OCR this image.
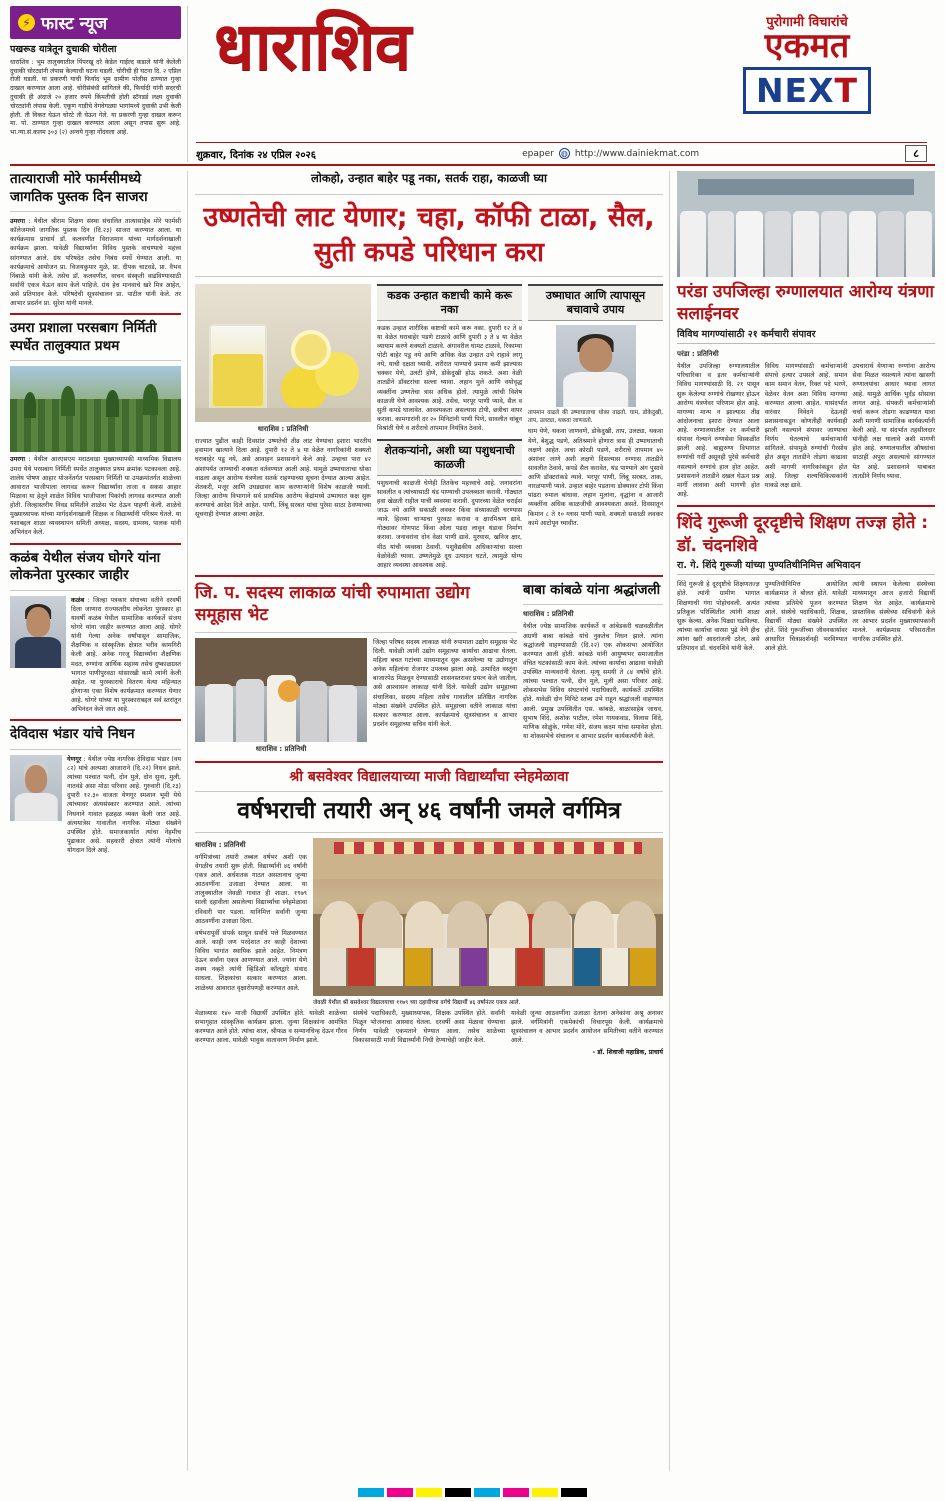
⚡ फास्ट न्यूज
पखरूड यात्रेतून दुचाकी चोरीला
धाराशिव : भूम तालुक्यातील पिंपरखू दरे केडेल गाईल्द कडाले यांनी केलेली दुचाकी चोरट्यांनी लंपास केल्याची घटना घडली. चोरीची ही घटना दि. २ एप्रिल रोजी घडली. या प्रकरणी याची फिर्याद भूम ग्रामीण पोलीस ठाण्यात गुन्हा दाखल करण्यात आला आहे. चोरीसंबंधी सांगितले की, फिर्यादी यांनी सदरची दुचाकी ही अंदाजे २० हजार रुपये किंमतीची होती स्टॅनडर्ड लक्ष्य दुचाकी चोरट्यांनी लंपास केली. एकूण गाडीचे वेगवेगळ्या भागांमध्ये दुचाकी उभी केली होती. ती विकत घेऊन चोरटे ती घेऊन गेले. या प्रकरणी गुन्हा दाखल करून मा. पो. ठाण्यात गुन्हा दाखल करण्यात आला असून तपास सुरू आहे. भा.न्या.सं.कलम ३०३ (२) अन्वये गुन्हा नोंदवला आहे.
धाराशिव	पुरोगामी विचारांचे
एकमत
NEXT
शुक्रवार, दिनांक २४ एप्रिल २०२६	epaper ◍ http://www.dainiekmat.com	८
तात्याराजी मोरे फार्मसीमध्ये जागतिक पुस्तक दिन साजरा
उमरगा : येथील श्रीराम शिक्षण संस्था संचालित तात्यासाहेब मोरे फार्मसी कॉलेजमध्ये जागतिक पुस्तक दिन (दि.२३) साजरा करण्यात आला. या कार्यक्रमास प्राचार्य डॉ. कलवणीत विराजमान यांच्या मार्गदर्शनाखाली कार्यक्रम झाला. यावेळी विद्यार्थ्यांना विविध पुस्तके वाचण्याचे महत्त्व सांगण्यात आले. ग्रंथ परिषदेत तसेच निबंध स्पर्धे घेण्यात आली. या कार्यक्रमाचे आयोजन प्रा. विजयकुमार मुळे, प्रा. दीपक चाटवडे, प्रा. वैभव निंबाळे यांनी केले. तसेच डॉ. कलवणीत, वाचन संस्कृती वाढविण्यासाठी सर्वांनी एकत्र येऊन काम केले पाहिजे. ग्रंथ हेच मानवाचे खरे मित्र आहेत, असे प्रतिपादन केले. परिषदेची सूत्रसंचालन प्रा. पाटील यांनी केले. तर आभार प्रदर्शन प्रा. सुरेश यांनी मानले.
उमरा प्रशाला परसबाग निर्मिती स्पर्धेत तालुक्यात प्रथम
उमरगा : येथील आरएसएम मराठवाडा मुख्याध्यापकी माध्यमिक विद्यालय उमरा येथे परसबाग निर्मिती स्पर्धेत तालुक्यात प्रथम क्रमांक पटकावला आहे. शालेय पोषण आहार योजनेंतर्गत परसबाग निर्मिती या उपक्रमांतर्गत शाळेच्या आवारात भाजीपाला लागवड करून विद्यार्थ्यांना ताजा व सकस आहार मिळावा या हेतूने शाळेत विविध भाजीपाला पिकांची लागवड करण्यात आली होती. जिल्हास्तरीय निवड समितीने शाळेस भेट देऊन पाहणी केली. शाळेचे मुख्याध्यापक यांच्या मार्गदर्शनाखाली शिक्षक व विद्यार्थ्यांनी परिश्रम घेतले. या यशाबद्दल शाळा व्यवस्थापन समिती अध्यक्ष, सदस्य, ग्रामस्थ, पालक यांनी अभिनंदन केले.
कळंब येथील संजय घोगरे यांना लोकनेता पुरस्कार जाहीर
कळंब : जिल्हा पत्रकार संघाच्या वतीने दरवर्षी दिला जाणारा राज्यस्तरीय लोकनेता पुरस्कार हा यावर्षी कळंब येथील सामाजिक कार्यकर्ते संजय घोगरे यांना जाहीर करण्यात आला आहे. घोगरे यांनी गेल्या अनेक वर्षांपासून सामाजिक, शैक्षणिक व सांस्कृतिक क्षेत्रात भरीव कामगिरी केली आहे. अनेक गरजू विद्यार्थ्यांना शैक्षणिक मदत, रुग्णांना आर्थिक सहाय्य तसेच दुष्काळग्रस्त भागात पाणीपुरवठा यांसारखी कामे त्यांनी केली आहेत. या पुरस्काराचे वितरण येत्या महिन्यात होणाऱ्या एका विशेष कार्यक्रमात करण्यात येणार आहे. घोगरे यांच्या या पुरस्काराबद्दल सर्व स्तरांतून अभिनंदन केले जात आहे.
देविदास भंडार यांचे निधन
येणगूर : येथील ज्येष्ठ नागरिक देविदास भंडार (वय ८२) यांचे अल्पशा आजाराने (दि.२२) निधन झाले. त्यांच्या पश्चात पत्नी, दोन मुले, दोन सुना, मुली, नातवंडे असा मोठा परिवार आहे. गुरुवारी (दि.२३) दुपारी १२.३० वाजता येणगूर स्मशान भूमी येथे त्यांच्यावर अंत्यसंस्कार करण्यात आले. त्यांच्या निधनाने गावात हळहळ व्यक्त केली जात आहे. अंत्ययात्रेस गावातील नागरिक मोठ्या संख्येने उपस्थित होते. समाजकार्यात त्यांचा नेहमीच पुढाकार असे. सहकारी क्षेत्रात त्यांनी मोलाचे योगदान दिले आहे.
लोकहो, उन्हात बाहेर पडू नका, सतर्क राहा, काळजी घ्या
उष्णतेची लाट येणार; चहा, कॉफी टाळा, सैल, सुती कपडे परिधान करा
धाराशिव : प्रतिनिधी
राज्यात पुढील काही दिवसांत उष्णतेची तीव्र लाट येण्याचा इशारा भारतीय हवामान खात्याने दिला आहे. दुपारी १२ ते ४ या वेळेत नागरिकांनी शक्यतो घराबाहेर पडू नये, असे आवाहन प्रशासनाने केले आहे. उन्हाचा पारा ४२ अंशांपर्यंत जाण्याची शक्यता वर्तवण्यात आली आहे. यामुळे उष्माघाताचा धोका वाढला असून आरोग्य यंत्रणेला सतर्क राहण्याच्या सूचना देण्यात आल्या आहेत. शेतकरी, मजूर आणि उघड्यावर काम करणाऱ्यांनी विशेष काळजी घ्यावी. जिल्हा आरोग्य विभागाने सर्व प्राथमिक आरोग्य केंद्रांमध्ये उष्माघात कक्ष सुरू करण्याचे आदेश दिले आहेत. पाणी, लिंबू सरबत यांचा पुरेसा साठा ठेवण्याच्या सूचनाही देण्यात आल्या आहेत.
कडक उन्हात कष्टाची कामे करू नका
कडक उन्हात शारीरिक कष्टाची कामे करू नका. दुपारी १२ ते ४ या वेळेत घराबाहेर पडणे टाळावे आणि दुपारी ३ ते ४ या वेळेत व्यायाम करणे शक्यतो टाळावे. अंगावरील घामट टाळावे, रिकाम्या पोटी बाहेर पडू नये आणि अधिक वेळ उन्हात उभे राहावे लागू नये, याची दक्षता घ्यावी. शरीरात पाण्याचे प्रमाण कमी झाल्यास चक्कर येणे, उलटी होणे, डोकेदुखी होऊ शकते. अशा वेळी तातडीने डॉक्टरांचा सल्ला घ्यावा. लहान मुले आणि वयोवृद्ध व्यक्तींना उष्णतेचा त्रास अधिक होतो. त्यामुळे त्यांची विशेष काळजी घेणे आवश्यक आहे. तसेच, भरपूर पाणी प्यावे, सैल व सुती कपडे घालावेत. आवश्यकता असल्यास टोपी, छत्रीचा वापर करावा. कामगारांनी दर २० मिनिटांनी पाणी पिणे, सावलीत थांबून विश्रांती घेणे व शरीराचे तापमान नियंत्रित ठेवावे.
शेतकऱ्यांनो, अशी घ्या पशुधनाची काळजी
पशुधनाची काळजी घेणेही तितकेच महत्त्वाचे आहे. जनावरांना सावलीत व त्यांच्यासाठी थंड पाण्याची उपलब्धता करावी. गोठ्यात हवा खेळती राहील याची व्यवस्था करावी. दुपारच्या वेळेत चराईस जाऊ नये आणि सकाळी लवकर किंवा संध्याकाळी चरण्यास न्यावे. हिरव्या चाऱ्याचा पुरवठा करावा व क्षारमिश्रण द्यावे. गोठ्यावर गोणपाट किंवा ओला पडदा लावून थंडावा निर्माण करावा. जनावरांना दोन वेळा पाणी द्यावे. मुरघास, खनिज क्षार, मीठ यांची व्यवस्था ठेवावी. पशुवैद्यकीय अधिकाऱ्यांचा सल्ला वेळोवेळी घ्यावा. उष्णतेमुळे दूध उत्पादन घटते, त्यामुळे योग्य आहार व्यवस्था आवश्यक आहे.
उष्माघात आणि त्यापासून बचावाचे उपाय
तापमान वाढले की उष्माघाताचा धोका वाढतो. घाम, डोकेदुखी, ताप, उलट्या, थकवा जाणवतो.
घाम येणे, थकवा जाणवणे, डोकेदुखी, ताप, उलट्या, थकवा येणे, बेशुद्ध पडणे, अतिश्रमाने होणारा त्रास ही उष्माघाताची लक्षणे आहेत. त्वचा कोरडी पडणे, शरीराचे तापमान ४० अंशांवर जाणे अशी लक्षणे दिसल्यास रुग्णास तातडीने सावलीत ठेवावे, कपडे सैल करावेत, थंड पाण्याने अंग पुसावे आणि डॉक्टरांकडे न्यावे. भरपूर पाणी, लिंबू सरबत, ताक, नारळपाणी प्यावे. उन्हात बाहेर पडताना डोक्यावर टोपी किंवा पांढरा रुमाल बांधावा. लहान मुलांना, वृद्धांना व आजारी व्यक्तींना अधिक काळजीची आवश्यकता असते. दिवसातून किमान ८ ते १० ग्लास पाणी प्यावे. शक्यतो सकाळी लवकर कामे आटोपून घ्यावीत.
जि. प. सदस्य लाकाळ यांची रुपामाता उद्योग समूहास भेट
धाराशिव : प्रतिनिधी
जिल्हा परिषद सदस्य लाकाळ यांनी रुपामाता उद्योग समूहास भेट दिली. यावेळी त्यांनी उद्योग समूहाच्या कार्याचा आढावा घेतला. महिला बचत गटांच्या माध्यमातून सुरू असलेल्या या उद्योगातून अनेक महिलांना रोजगार उपलब्ध झाला आहे. उत्पादित वस्तूंना बाजारपेठ मिळवून देण्यासाठी शासनस्तरावर प्रयत्न केले जातील, असे आश्वासन लाकाळ यांनी दिले. यावेळी उद्योग समूहाच्या संचालिका, सदस्य महिला तसेच गावातील प्रतिष्ठित नागरिक मोठ्या संख्येने उपस्थित होते. समूहाच्या वतीने लाकाळ यांचा सत्कार करण्यात आला. कार्यक्रमाचे सूत्रसंचालन व आभार प्रदर्शन समूहाच्या सचिव यांनी केले.
बाबा कांबळे यांना श्रद्धांजली
धाराशिव : प्रतिनिधी
येथील ज्येष्ठ सामाजिक कार्यकर्ते व आंबेडकरी चळवळीतील अग्रणी बाबा कांबळे यांचे नुकतेच निधन झाले. त्यांना श्रद्धांजली वाहण्यासाठी (दि.२२) एक शोकसभा आयोजित करण्यात आली होती. कांबळे यांनी आयुष्यभर समाजातील वंचित घटकांसाठी काम केले. त्यांच्या कार्याचा आढावा यावेळी उपस्थित मान्यवरांनी घेतला. मृत्यू समयी ते ८४ वर्षांचे होते. त्यांच्या पश्चात पत्नी, दोन मुले, मुली असा परिवार आहे. शोकसभेस विविध संघटनांचे पदाधिकारी, कार्यकर्ते उपस्थित होते. यावेळी दोन मिनिटे स्तब्ध उभे राहून श्रद्धांजली वाहण्यात आली. प्रमुख उपस्थितीत एस. कांबळे, बाळासाहेब जाधव, सुभाष शिंदे, अशोक पाटील, रमेश गायकवाड, विलास शिंदे, माणिक सोळुंके, गणेश मोरे, संजय कदम यांचा समावेश होता. या शोकसभेचे संचालन व आभार प्रदर्शन कार्यकर्त्यांनी केले.
श्री बसवेश्वर विद्यालयाच्या माजी विद्यार्थ्यांचा स्नेहमेळावा
वर्षभराची तयारी अन् ४६ वर्षांनी जमले वर्गमित्र
धाराशिव : प्रतिनिधी
वर्गमित्रांच्या तयारी तब्बल वर्षभर अशी एक वेगळीच तयारी सुरू होती. विद्यार्थ्यांनी ४६ वर्षांनी एकत्र आले. अर्धशतक गाठत असतानाच जुन्या आठवणींना उजाळा देण्यात आला. या तालुक्यातील जेवळी गावात ही शाळा. १९७९ साली दहावीला असलेल्या विद्यार्थ्यांचा स्नेहमेळावा रविवारी पार पडला. यानिमित्त सर्वांनी जुन्या आठवणींना उजाळा दिला.
वर्षभरापूर्वी संपर्क साधून सर्वांचे पत्ते मिळवण्यात आले. काही जण परदेशात तर काही देशाच्या विविध भागांत स्थायिक झाले आहेत. निमंत्रण देऊन सर्वांना एकत्र आणण्यात आले. ज्यांना येणे शक्य नव्हते त्यांनी व्हिडिओ कॉलद्वारे संवाद साधला. शिक्षकांचा सत्कार करण्यात आला. शाळेच्या आवारात वृक्षारोपणही करण्यात आले.
जेवळी येथील श्री बसवेश्वर विद्यालयाचा ११७९ च्या दहावीच्या वर्गचे विद्यार्थी ४६ वर्षांनंतर एकत्र आले.
मेळाव्यास १४० माजी विद्यार्थी उपस्थित होते. यावेळी शाळेच्या सभागृहात सांस्कृतिक कार्यक्रम झाला. जुन्या शिक्षकांना आमंत्रित करण्यात आले होते. त्यांचा शाल, श्रीफळ व सन्मानचिन्ह देऊन गौरव करण्यात आला. यावेळी भावुक वातावरण निर्माण झाले.
संस्थेचे पदाधिकारी, मुख्याध्यापक, शिक्षक उपस्थित होते. सर्वांनी मिळून भोजनाचा आस्वाद घेतला. दरवर्षी असा मेळावा घेण्याचा निर्णय यावेळी एकमताने घेण्यात आला. तसेच शाळेच्या विकासासाठी माजी विद्यार्थ्यांनी निधी देण्याचेही जाहीर केले.
यावेळी जुन्या आठवणींना उजाळा देताना अनेकांना अश्रू अनावर झाले. वर्गमित्रांनी एकमेकांची विचारपूस केली. कार्यक्रमाचे सूत्रसंचालन व आभार प्रदर्शन आयोजन समितीच्या वतीने करण्यात आले.
- डॉ. शिवाजी महाडिक, प्राचार्य
परंडा उपजिल्हा रुग्णालयात आरोग्य यंत्रणा सलाईनवर
विविध मागण्यांसाठी २१ कर्मचारी संपावर
परंडा : प्रतिनिधी
येथील उपजिल्हा रुग्णालयातील परिचारिका व इतर कर्मचाऱ्यांनी विविध मागण्यांसाठी दि. २१ पासून सुरू केलेल्या रुग्णांचे रोखणार होऊन आरोग्य यंत्रणेवर परिणाम होत आहे. मागण्या मान्य न झाल्यास तीव्र आंदोलनाचा इशारा देण्यात आला आहे. रुग्णालयातील २१ कर्मचारी संपावर गेल्याने रुग्णसेवा विस्कळीत झाली आहे. बाह्यरुग्ण विभागात रुग्णांची गर्दी असूनही पुरेसे कर्मचारी नसल्याने रुग्णांचे हाल होत आहेत. प्रशासनाने तातडीने दखल घेऊन प्रश्न मार्गी लावावा अशी मागणी होत आहे.
विविध मागण्यांसाठी कर्मचाऱ्यांनी संपाचे हत्यार उपसले आहे. समान काम समान वेतन, रिक्त पदे भरणे, वेळेवर वेतन अशा विविध मागण्या करण्यात आल्या आहेत. यासंदर्भात वारंवार निवेदने देऊनही प्रशासनाकडून कोणतीही कार्यवाही झाली नसल्याने संपावर जाण्याचा निर्णय घेतल्याचे कर्मचाऱ्यांनी सांगितले. संपामुळे रुग्णांची गैरसोय होत असून तातडीने तोडगा काढावा अशी मागणी नागरिकांकडून होत आहे. जिल्हा शल्यचिकित्सकांनी याकडे लक्ष द्यावे.
उपचारार्थ येणाऱ्या रुग्णांना आरोग्य सेवा मिळत नसल्याने त्यांना खासगी रुग्णालयांचा आधार घ्यावा लागत आहे. यामुळे आर्थिक भुर्दंड सोसावा लागत आहे. संपकरी कर्मचाऱ्यांशी चर्चा करून तोडगा काढण्यात यावा अशी मागणी सामाजिक कार्यकर्त्यांनी केली आहे. या संदर्भात तहसीलदार यांनीही लक्ष घालावे अशी मागणी होत आहे. रुग्णालयातील औषधांचा साठाही अपुरा असल्याचे सांगण्यात येत आहे. प्रशासनाने याबाबत तातडीने निर्णय घ्यावा.
शिंदे गुरूजी दूरदृष्टीचे शिक्षण तज्ज्ञ होते : डॉ. चंदनशिवे
रा. गे. शिंदे गुरूजी यांच्या पुण्यतिथीनिमित्त अभिवादन
शिंदे गुरूजी हे दूरदृष्टीचे शिक्षणतज्ज्ञ होते. त्यांनी ग्रामीण भागात शिक्षणाची गंगा पोहोचवली. अत्यंत प्रतिकूल परिस्थितीत त्यांनी शाळा सुरू केल्या. अनेक पिढ्या घडविल्या. त्यांच्या कार्याचा वारसा पुढे नेणे हीच त्यांना खरी आदरांजली ठरेल, असे प्रतिपादन डॉ. चंदनशिवे यांनी केले.
पुण्यतिथीनिमित्त आयोजित कार्यक्रमात ते बोलत होते. यावेळी त्यांच्या प्रतिमेचे पूजन करण्यात आले. संस्थेचे पदाधिकारी, शिक्षक, विद्यार्थी मोठ्या संख्येने उपस्थित होते. शिंदे गुरूजींच्या जीवनकार्यावर आधारित चित्रप्रदर्शनही भरविण्यात आले होते.
त्यांनी स्थापन केलेल्या संस्थेच्या माध्यमातून आज हजारो विद्यार्थी शिक्षण घेत आहेत. कार्यक्रमाचे प्रास्ताविक संस्थेच्या सचिवांनी केले तर आभार प्रदर्शन मुख्याध्यापकांनी मानले. कार्यक्रमास परिसरातील नागरिक उपस्थित होते.
